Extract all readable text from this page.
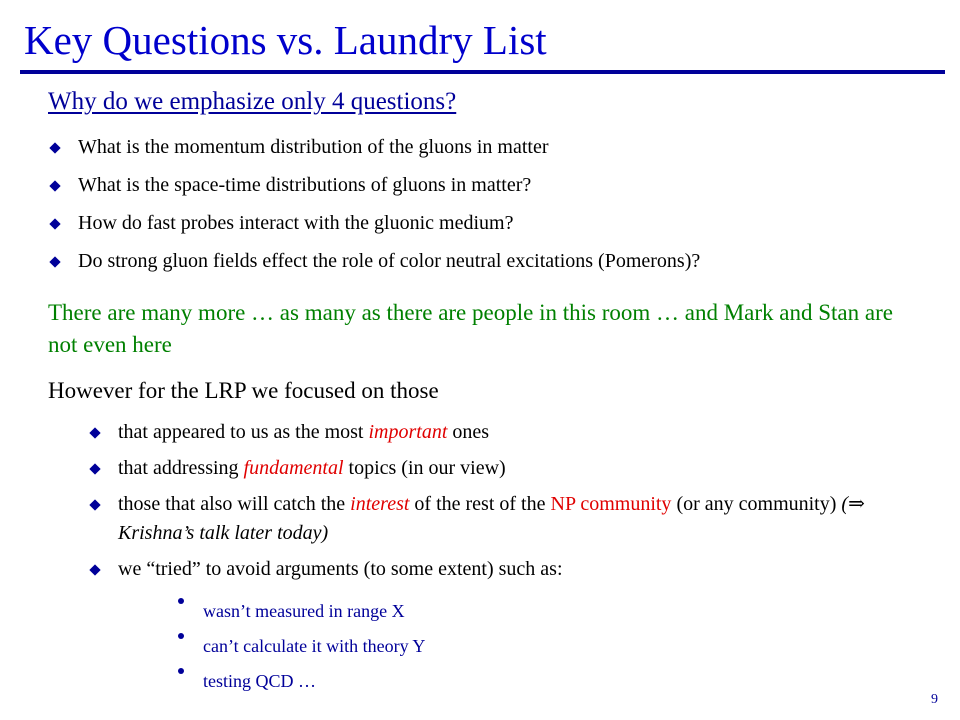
Key Questions vs. Laundry List
Why do we emphasize only 4 questions?
What is the momentum distribution of the gluons in matter
What is the space-time distributions of gluons in matter?
How do fast probes interact with the gluonic medium?
Do strong gluon fields effect the role of color neutral excitations (Pomerons)?
There are many more … as many as there are people in this room … and Mark and Stan are not even here
However for the LRP we focused on those
that appeared to us as the most important ones
that addressing fundamental topics (in our view)
those that also will catch the interest of the rest of the NP community (or any community) (⇒ Krishna’s talk later today)
we “tried” to avoid arguments (to some extent) such as:
wasn’t measured in range X
can’t calculate it with theory Y
testing QCD …
9
